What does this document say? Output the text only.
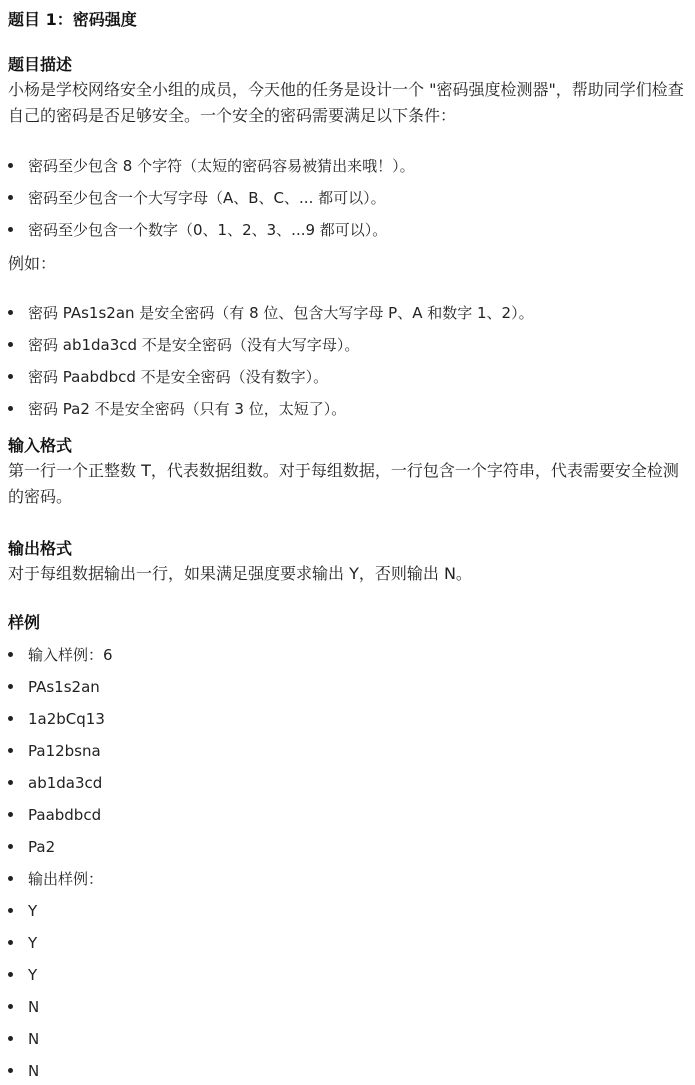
题目 1：密码强度
题目描述
小杨是学校网络安全小组的成员，今天他的任务是设计一个 "密码强度检测器"，帮助同学们检查自己的密码是否足够安全。一个安全的密码需要满足以下条件：
密码至少包含 8 个字符（太短的密码容易被猜出来哦！）。
密码至少包含一个大写字母（A、B、C、... 都可以）。
密码至少包含一个数字（0、1、2、3、...9 都可以）。
例如：
密码 PAs1s2an 是安全密码（有 8 位、包含大写字母 P、A 和数字 1、2）。
密码 ab1da3cd 不是安全密码（没有大写字母）。
密码 Paabdbcd 不是安全密码（没有数字）。
密码 Pa2 不是安全密码（只有 3 位，太短了）。
输入格式
第一行一个正整数 T，代表数据组数。对于每组数据，一行包含一个字符串，代表需要安全检测的密码。
输出格式
对于每组数据输出一行，如果满足强度要求输出 Y，否则输出 N。
样例
输入样例：6
PAs1s2an
1a2bCq13
Pa12bsna
ab1da3cd
Paabdbcd
Pa2
输出样例：
Y
Y
Y
N
N
N
